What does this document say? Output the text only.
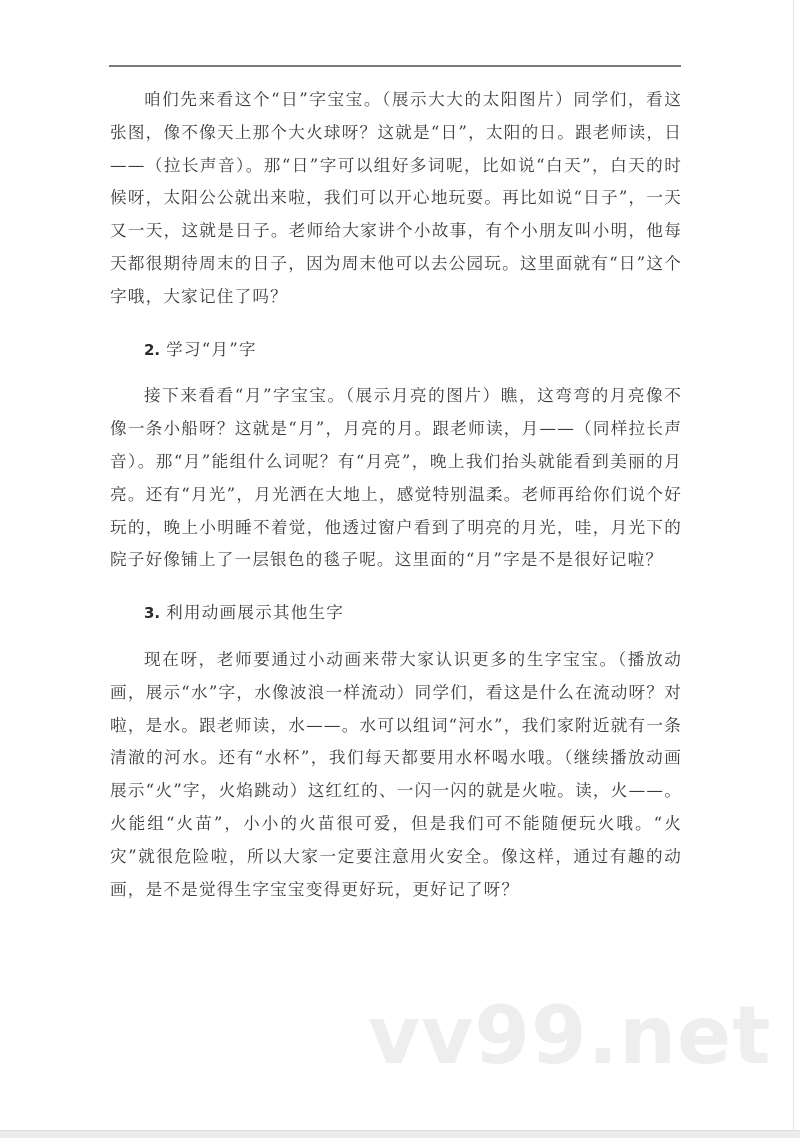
咱们先来看这个“日”字宝宝。（展示大大的太阳图片）同学们，看这张图，像不像天上那个大火球呀？这就是“日”，太阳的日。跟老师读，日——（拉长声音）。那“日”字可以组好多词呢，比如说“白天”，白天的时候呀，太阳公公就出来啦，我们可以开心地玩耍。再比如说“日子”，一天又一天，这就是日子。老师给大家讲个小故事，有个小朋友叫小明，他每天都很期待周末的日子，因为周末他可以去公园玩。这里面就有“日”这个字哦，大家记住了吗？

2. 学习“月”字

接下来看看“月”字宝宝。（展示月亮的图片）瞧，这弯弯的月亮像不像一条小船呀？这就是“月”，月亮的月。跟老师读，月——（同样拉长声音）。那“月”能组什么词呢？有“月亮”，晚上我们抬头就能看到美丽的月亮。还有“月光”，月光洒在大地上，感觉特别温柔。老师再给你们说个好玩的，晚上小明睡不着觉，他透过窗户看到了明亮的月光，哇，月光下的院子好像铺上了一层银色的毯子呢。这里面的“月”字是不是很好记啦？

3. 利用动画展示其他生字

现在呀，老师要通过小动画来带大家认识更多的生字宝宝。（播放动画，展示“水”字，水像波浪一样流动）同学们，看这是什么在流动呀？对啦，是水。跟老师读，水——。水可以组词“河水”，我们家附近就有一条清澈的河水。还有“水杯”，我们每天都要用水杯喝水哦。（继续播放动画展示“火”字，火焰跳动）这红红的、一闪一闪的就是火啦。读，火——。火能组“火苗”，小小的火苗很可爱，但是我们可不能随便玩火哦。“火灾”就很危险啦，所以大家一定要注意用火安全。像这样，通过有趣的动画，是不是觉得生字宝宝变得更好玩，更好记了呀？

vv99.net
